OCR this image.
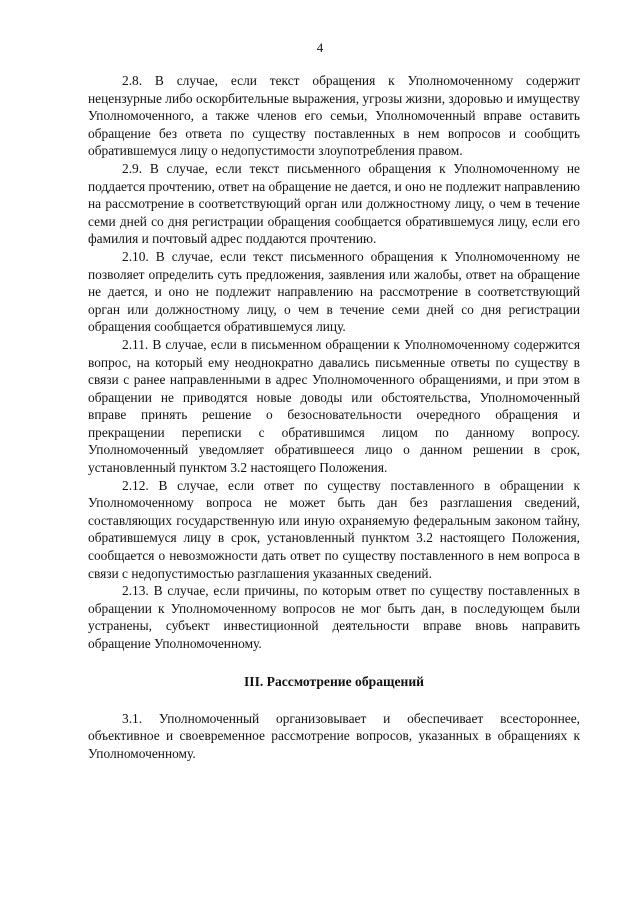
4

2.8. В случае, если текст обращения к Уполномоченному содержит нецензурные либо оскорбительные выражения, угрозы жизни, здоровью и имуществу Уполномоченного, а также членов его семьи, Уполномоченный вправе оставить обращение без ответа по существу поставленных в нем вопросов и сообщить обратившемуся лицу о недопустимости злоупотребления правом.

2.9. В случае, если текст письменного обращения к Уполномоченному не поддается прочтению, ответ на обращение не дается, и оно не подлежит направлению на рассмотрение в соответствующий орган или должностному лицу, о чем в течение семи дней со дня регистрации обращения сообщается обратившемуся лицу, если его фамилия и почтовый адрес поддаются прочтению.

2.10. В случае, если текст письменного обращения к Уполномоченному не позволяет определить суть предложения, заявления или жалобы, ответ на обращение не дается, и оно не подлежит направлению на рассмотрение в соответствующий орган или должностному лицу, о чем в течение семи дней со дня регистрации обращения сообщается обратившемуся лицу.

2.11. В случае, если в письменном обращении к Уполномоченному содержится вопрос, на который ему неоднократно давались письменные ответы по существу в связи с ранее направленными в адрес Уполномоченного обращениями, и при этом в обращении не приводятся новые доводы или обстоятельства, Уполномоченный вправе принять решение о безосновательности очередного обращения и прекращении переписки с обратившимся лицом по данному вопросу. Уполномоченный уведомляет обратившееся лицо о данном решении в срок, установленный пунктом 3.2 настоящего Положения.

2.12. В случае, если ответ по существу поставленного в обращении к Уполномоченному вопроса не может быть дан без разглашения сведений, составляющих государственную или иную охраняемую федеральным законом тайну, обратившемуся лицу в срок, установленный пунктом 3.2 настоящего Положения, сообщается о невозможности дать ответ по существу поставленного в нем вопроса в связи с недопустимостью разглашения указанных сведений.

2.13. В случае, если причины, по которым ответ по существу поставленных в обращении к Уполномоченному вопросов не мог быть дан, в последующем были устранены, субъект инвестиционной деятельности вправе вновь направить обращение Уполномоченному.

III. Рассмотрение обращений

3.1. Уполномоченный организовывает и обеспечивает всестороннее, объективное и своевременное рассмотрение вопросов, указанных в обращениях к Уполномоченному.
